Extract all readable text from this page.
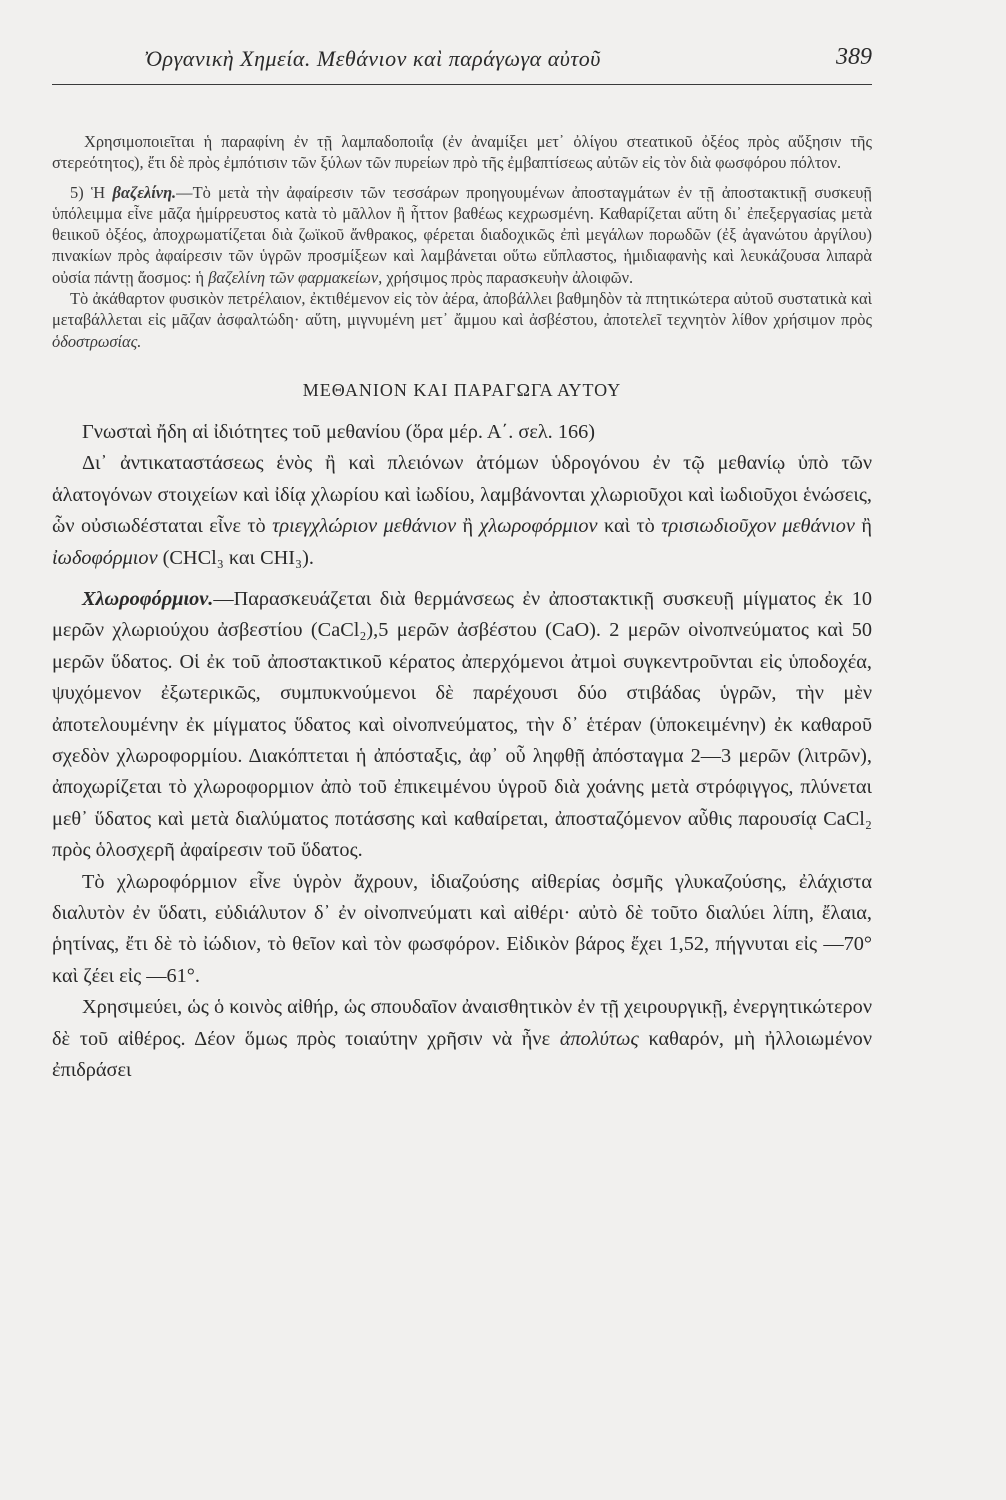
Ὀργανικὴ Χημεία. Μεθάνιον καὶ παράγωγα αὐτοῦ	389

Χρησιμοποιεῖται ἡ παραφίνη ἐν τῇ λαμπαδοποιΐᾳ (ἐν ἀναμίξει μετ᾽ ὀλίγου στεατικοῦ ὀξέος πρὸς αὔξησιν τῆς στερεότητος), ἔτι δὲ πρὸς ἐμπότισιν τῶν ξύλων τῶν πυρείων πρὸ τῆς ἐμβαπτίσεως αὐτῶν εἰς τὸν διὰ φωσφόρου πόλτον.

5) Ἡ βαζελίνη.—Τὸ μετὰ τὴν ἀφαίρεσιν τῶν τεσσάρων προηγουμένων ἀποσταγμάτων ἐν τῇ ἀποστακτικῇ συσκευῇ ὑπόλειμμα εἶνε μᾶζα ἡμίρρευστος κατὰ τὸ μᾶλλον ἢ ἧττον βαθέως κεχρωσμένη. Καθαρίζεται αὕτη δι᾽ ἐπεξεργασίας μετὰ θειικοῦ ὀξέος, ἀποχρωματίζεται διὰ ζωϊκοῦ ἄνθρακος, φέρεται διαδοχικῶς ἐπὶ μεγάλων πορωδῶν (ἐξ ἀγανώτου ἀργίλου) πινακίων πρὸς ἀφαίρεσιν τῶν ὑγρῶν προσμίξεων καὶ λαμβάνεται οὕτω εὔπλαστος, ἡμιδιαφανὴς καὶ λευκάζουσα λιπαρὰ οὐσία πάντῃ ἄοσμος: ἡ βαζελίνη τῶν φαρμακείων, χρήσιμος πρὸς παρασκευὴν ἀλοιφῶν.

Τὸ ἀκάθαρτον φυσικὸν πετρέλαιον, ἐκτιθέμενον εἰς τὸν ἀέρα, ἀποβάλλει βαθμηδὸν τὰ πτητικώτερα αὐτοῦ συστατικὰ καὶ μεταβάλλεται εἰς μᾶζαν ἀσφαλτώδη· αὕτη, μιγνυμένη μετ᾽ ἄμμου καὶ ἀσβέστου, ἀποτελεῖ τεχνητὸν λίθον χρήσιμον πρὸς ὁδοστρωσίας.

ΜΕΘΑΝΙΟΝ ΚΑΙ ΠΑΡΑΓΩΓΑ ΑΥΤΟΥ

Γνωσταὶ ἤδη αἱ ἰδιότητες τοῦ μεθανίου (ὅρα μέρ. Α΄. σελ. 166)

Δι᾽ ἀντικαταστάσεως ἑνὸς ἢ καὶ πλειόνων ἀτόμων ὑδρογόνου ἐν τῷ μεθανίῳ ὑπὸ τῶν ἁλατογόνων στοιχείων καὶ ἰδίᾳ χλωρίου καὶ ἰωδίου, λαμβάνονται χλωριοῦχοι καὶ ἰωδιοῦχοι ἑνώσεις, ὧν οὐσιωδέσταται εἶνε τὸ τριεγχλώριον μεθάνιον ἢ χλωροφόρμιον καὶ τὸ τρισιωδιοῦχον μεθάνιον ἢ ἰωδοφόρμιον (CHCl₃ και CHI₃).

Χλωροφόρμιον.—Παρασκευάζεται διὰ θερμάνσεως ἐν ἀποστακτικῇ συσκευῇ μίγματος ἐκ 10 μερῶν χλωριούχου ἀσβεστίου (CaCl₂),5 μερῶν ἀσβέστου (CaO). 2 μερῶν οἰνοπνεύματος καὶ 50 μερῶν ὕδατος. Οἱ ἐκ τοῦ ἀποστακτικοῦ κέρατος ἀπερχόμενοι ἀτμοὶ συγκεντροῦνται εἰς ὑποδοχέα, ψυχόμενον ἐξωτερικῶς, συμπυκνούμενοι δὲ παρέχουσι δύο στιβάδας ὑγρῶν, τὴν μὲν ἀποτελουμένην ἐκ μίγματος ὕδατος καὶ οἰνοπνεύματος, τὴν δ᾽ ἑτέραν (ὑποκειμένην) ἐκ καθαροῦ σχεδὸν χλωροφορμίου. Διακόπτεται ἡ ἀπόσταξις, ἀφ᾽ οὗ ληφθῇ ἀπόσταγμα 2—3 μερῶν (λιτρῶν), ἀποχωρίζεται τὸ χλωροφορμιον ἀπὸ τοῦ ἐπικειμένου ὑγροῦ διὰ χοάνης μετὰ στρόφιγγος, πλύνεται μεθ᾽ ὕδατος καὶ μετὰ διαλύματος ποτάσσης καὶ καθαίρεται, ἀποσταζόμενον αὖθις παρουσίᾳ CaCl₂ πρὸς ὁλοσχερῆ ἀφαίρεσιν τοῦ ὕδατος.

Τὸ χλωροφόρμιον εἶνε ὑγρὸν ἄχρουν, ἰδιαζούσης αἰθερίας ὀσμῆς γλυκαζούσης, ἐλάχιστα διαλυτὸν ἐν ὕδατι, εὐδιάλυτον δ᾽ ἐν οἰνοπνεύματι καὶ αἰθέρι· αὐτὸ δὲ τοῦτο διαλύει λίπη, ἔλαια, ῥητίνας, ἔτι δὲ τὸ ἰώδιον, τὸ θεῖον καὶ τὸν φωσφόρον. Εἰδικὸν βάρος ἔχει 1,52, πήγνυται εἰς —70° καὶ ζέει εἰς —61°.

Χρησιμεύει, ὡς ὁ κοινὸς αἰθήρ, ὡς σπουδαῖον ἀναισθητικὸν ἐν τῇ χειρουργικῇ, ἐνεργητικώτερον δὲ τοῦ αἰθέρος. Δέον ὅμως πρὸς τοιαύτην χρῆσιν νὰ ἦνε ἀπολύτως καθαρόν, μὴ ἠλλοιωμένον ἐπιδράσει
